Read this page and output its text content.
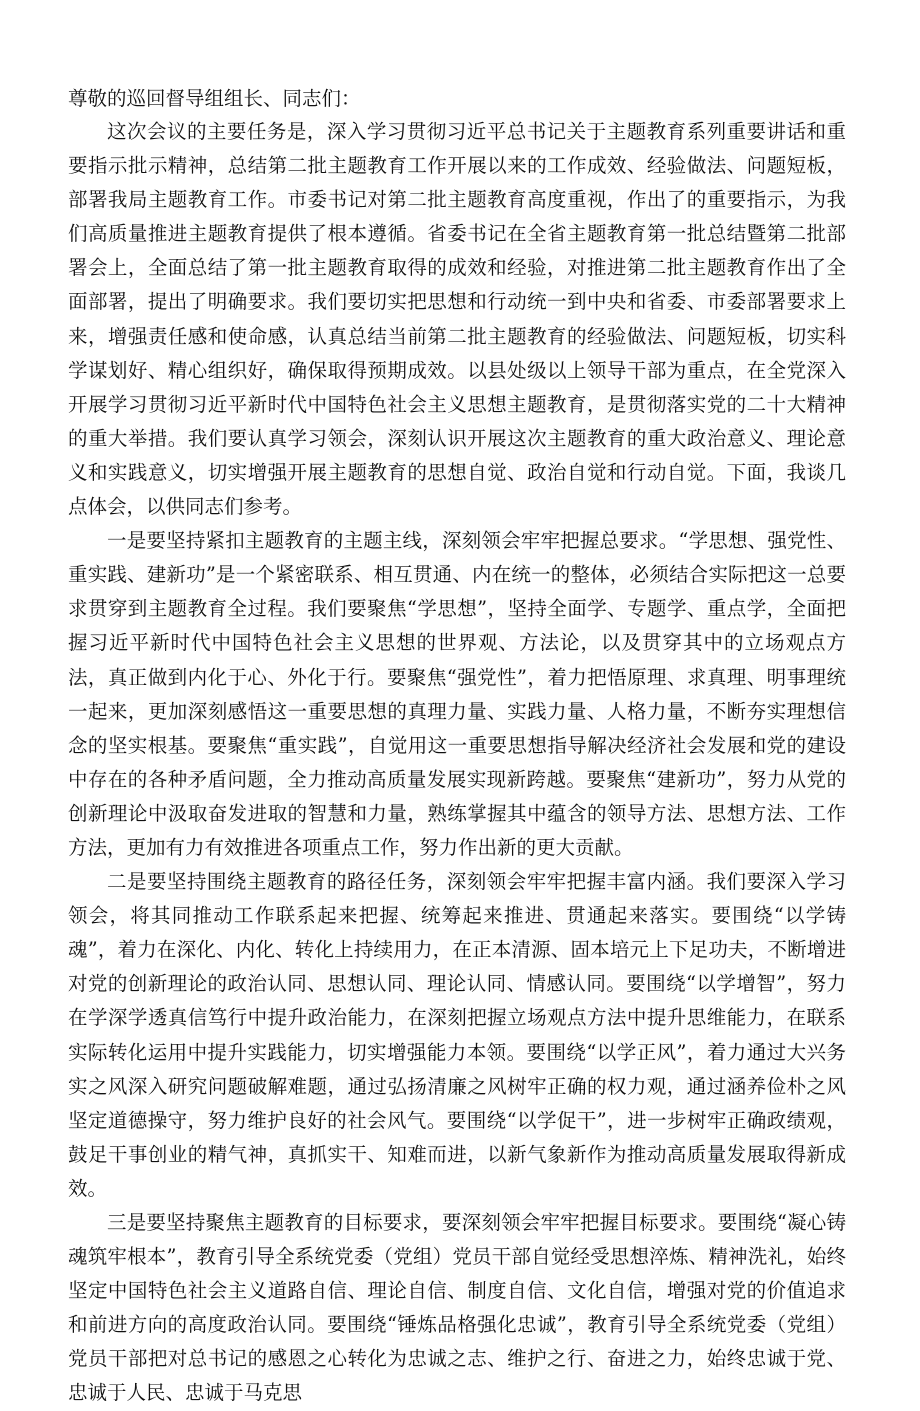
尊敬的巡回督导组组长、同志们：

这次会议的主要任务是，深入学习贯彻习近平总书记关于主题教育系列重要讲话和重要指示批示精神，总结第二批主题教育工作开展以来的工作成效、经验做法、问题短板，部署我局主题教育工作。市委书记对第二批主题教育高度重视，作出了的重要指示，为我们高质量推进主题教育提供了根本遵循。省委书记在全省主题教育第一批总结暨第二批部署会上，全面总结了第一批主题教育取得的成效和经验，对推进第二批主题教育作出了全面部署，提出了明确要求。我们要切实把思想和行动统一到中央和省委、市委部署要求上来，增强责任感和使命感，认真总结当前第二批主题教育的经验做法、问题短板，切实科学谋划好、精心组织好，确保取得预期成效。以县处级以上领导干部为重点，在全党深入开展学习贯彻习近平新时代中国特色社会主义思想主题教育，是贯彻落实党的二十大精神的重大举措。我们要认真学习领会，深刻认识开展这次主题教育的重大政治意义、理论意义和实践意义，切实增强开展主题教育的思想自觉、政治自觉和行动自觉。下面，我谈几点体会，以供同志们参考。

一是要坚持紧扣主题教育的主题主线，深刻领会牢牢把握总要求。“学思想、强党性、重实践、建新功”是一个紧密联系、相互贯通、内在统一的整体，必须结合实际把这一总要求贯穿到主题教育全过程。我们要聚焦“学思想”，坚持全面学、专题学、重点学，全面把握习近平新时代中国特色社会主义思想的世界观、方法论，以及贯穿其中的立场观点方法，真正做到内化于心、外化于行。要聚焦“强党性”，着力把悟原理、求真理、明事理统一起来，更加深刻感悟这一重要思想的真理力量、实践力量、人格力量，不断夯实理想信念的坚实根基。要聚焦“重实践”，自觉用这一重要思想指导解决经济社会发展和党的建设中存在的各种矛盾问题，全力推动高质量发展实现新跨越。要聚焦“建新功”，努力从党的创新理论中汲取奋发进取的智慧和力量，熟练掌握其中蕴含的领导方法、思想方法、工作方法，更加有力有效推进各项重点工作，努力作出新的更大贡献。

二是要坚持围绕主题教育的路径任务，深刻领会牢牢把握丰富内涵。我们要深入学习领会，将其同推动工作联系起来把握、统筹起来推进、贯通起来落实。要围绕“以学铸魂”，着力在深化、内化、转化上持续用力，在正本清源、固本培元上下足功夫，不断增进对党的创新理论的政治认同、思想认同、理论认同、情感认同。要围绕“以学增智”，努力在学深学透真信笃行中提升政治能力，在深刻把握立场观点方法中提升思维能力，在联系实际转化运用中提升实践能力，切实增强能力本领。要围绕“以学正风”，着力通过大兴务实之风深入研究问题破解难题，通过弘扬清廉之风树牢正确的权力观，通过涵养俭朴之风坚定道德操守，努力维护良好的社会风气。要围绕“以学促干”，进一步树牢正确政绩观，鼓足干事创业的精气神，真抓实干、知难而进，以新气象新作为推动高质量发展取得新成效。

三是要坚持聚焦主题教育的目标要求，要深刻领会牢牢把握目标要求。要围绕“凝心铸魂筑牢根本”，教育引导全系统党委（党组）党员干部自觉经受思想淬炼、精神洗礼，始终坚定中国特色社会主义道路自信、理论自信、制度自信、文化自信，增强对党的价值追求和前进方向的高度政治认同。要围绕“锤炼品格强化忠诚”，教育引导全系统党委（党组）党员干部把对总书记的感恩之心转化为忠诚之志、维护之行、奋进之力，始终忠诚于党、忠诚于人民、忠诚于马克思
